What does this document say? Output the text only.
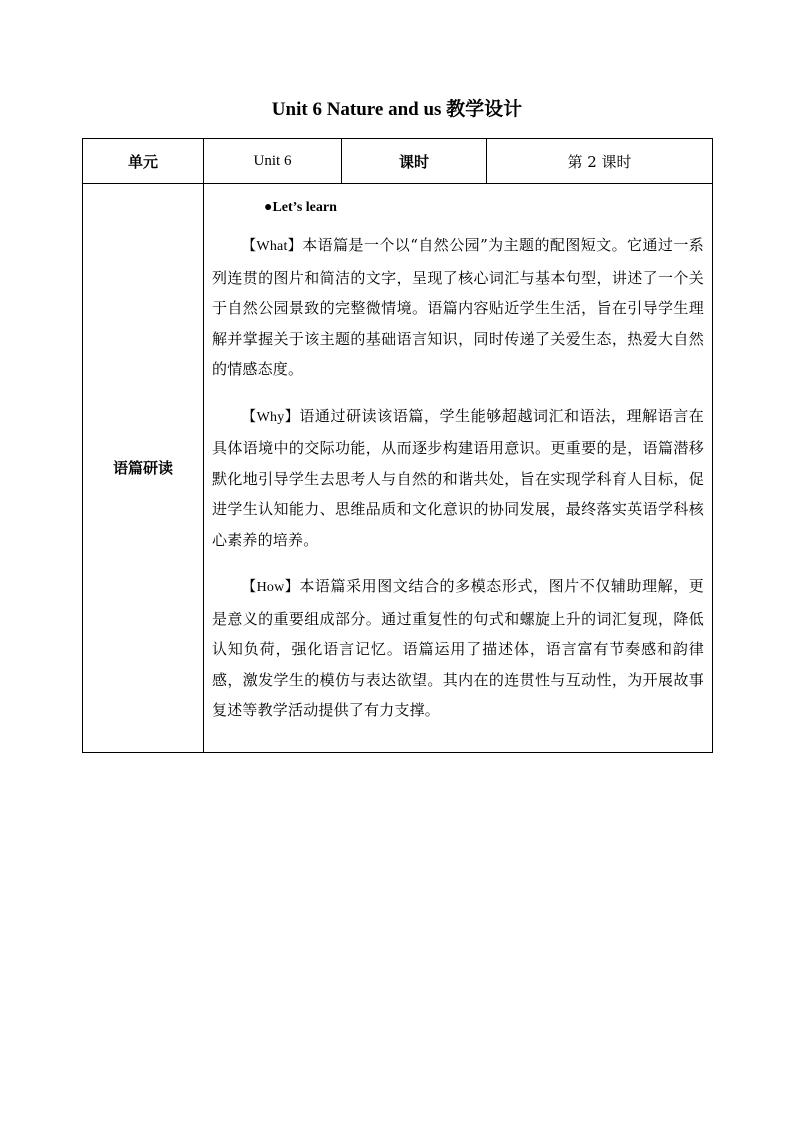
Unit 6 Nature and us 教学设计
单元	Unit 6	课时	第 2 课时
语篇研读	●Let’s learn

【What】本语篇是一个以“自然公园”为主题的配图短文。它通过一系列连贯的图片和简洁的文字，呈现了核心词汇与基本句型，讲述了一个关于自然公园景致的完整微情境。语篇内容贴近学生生活，旨在引导学生理解并掌握关于该主题的基础语言知识，同时传递了关爱生态，热爱大自然的情感态度。

【Why】语通过研读该语篇，学生能够超越词汇和语法，理解语言在具体语境中的交际功能，从而逐步构建语用意识。更重要的是，语篇潜移默化地引导学生去思考人与自然的和谐共处，旨在实现学科育人目标，促进学生认知能力、思维品质和文化意识的协同发展，最终落实英语学科核心素养的培养。

【How】本语篇采用图文结合的多模态形式，图片不仅辅助理解，更是意义的重要组成部分。通过重复性的句式和螺旋上升的词汇复现，降低认知负荷，强化语言记忆。语篇运用了描述体，语言富有节奏感和韵律感，激发学生的模仿与表达欲望。其内在的连贯性与互动性，为开展故事复述等教学活动提供了有力支撑。		
